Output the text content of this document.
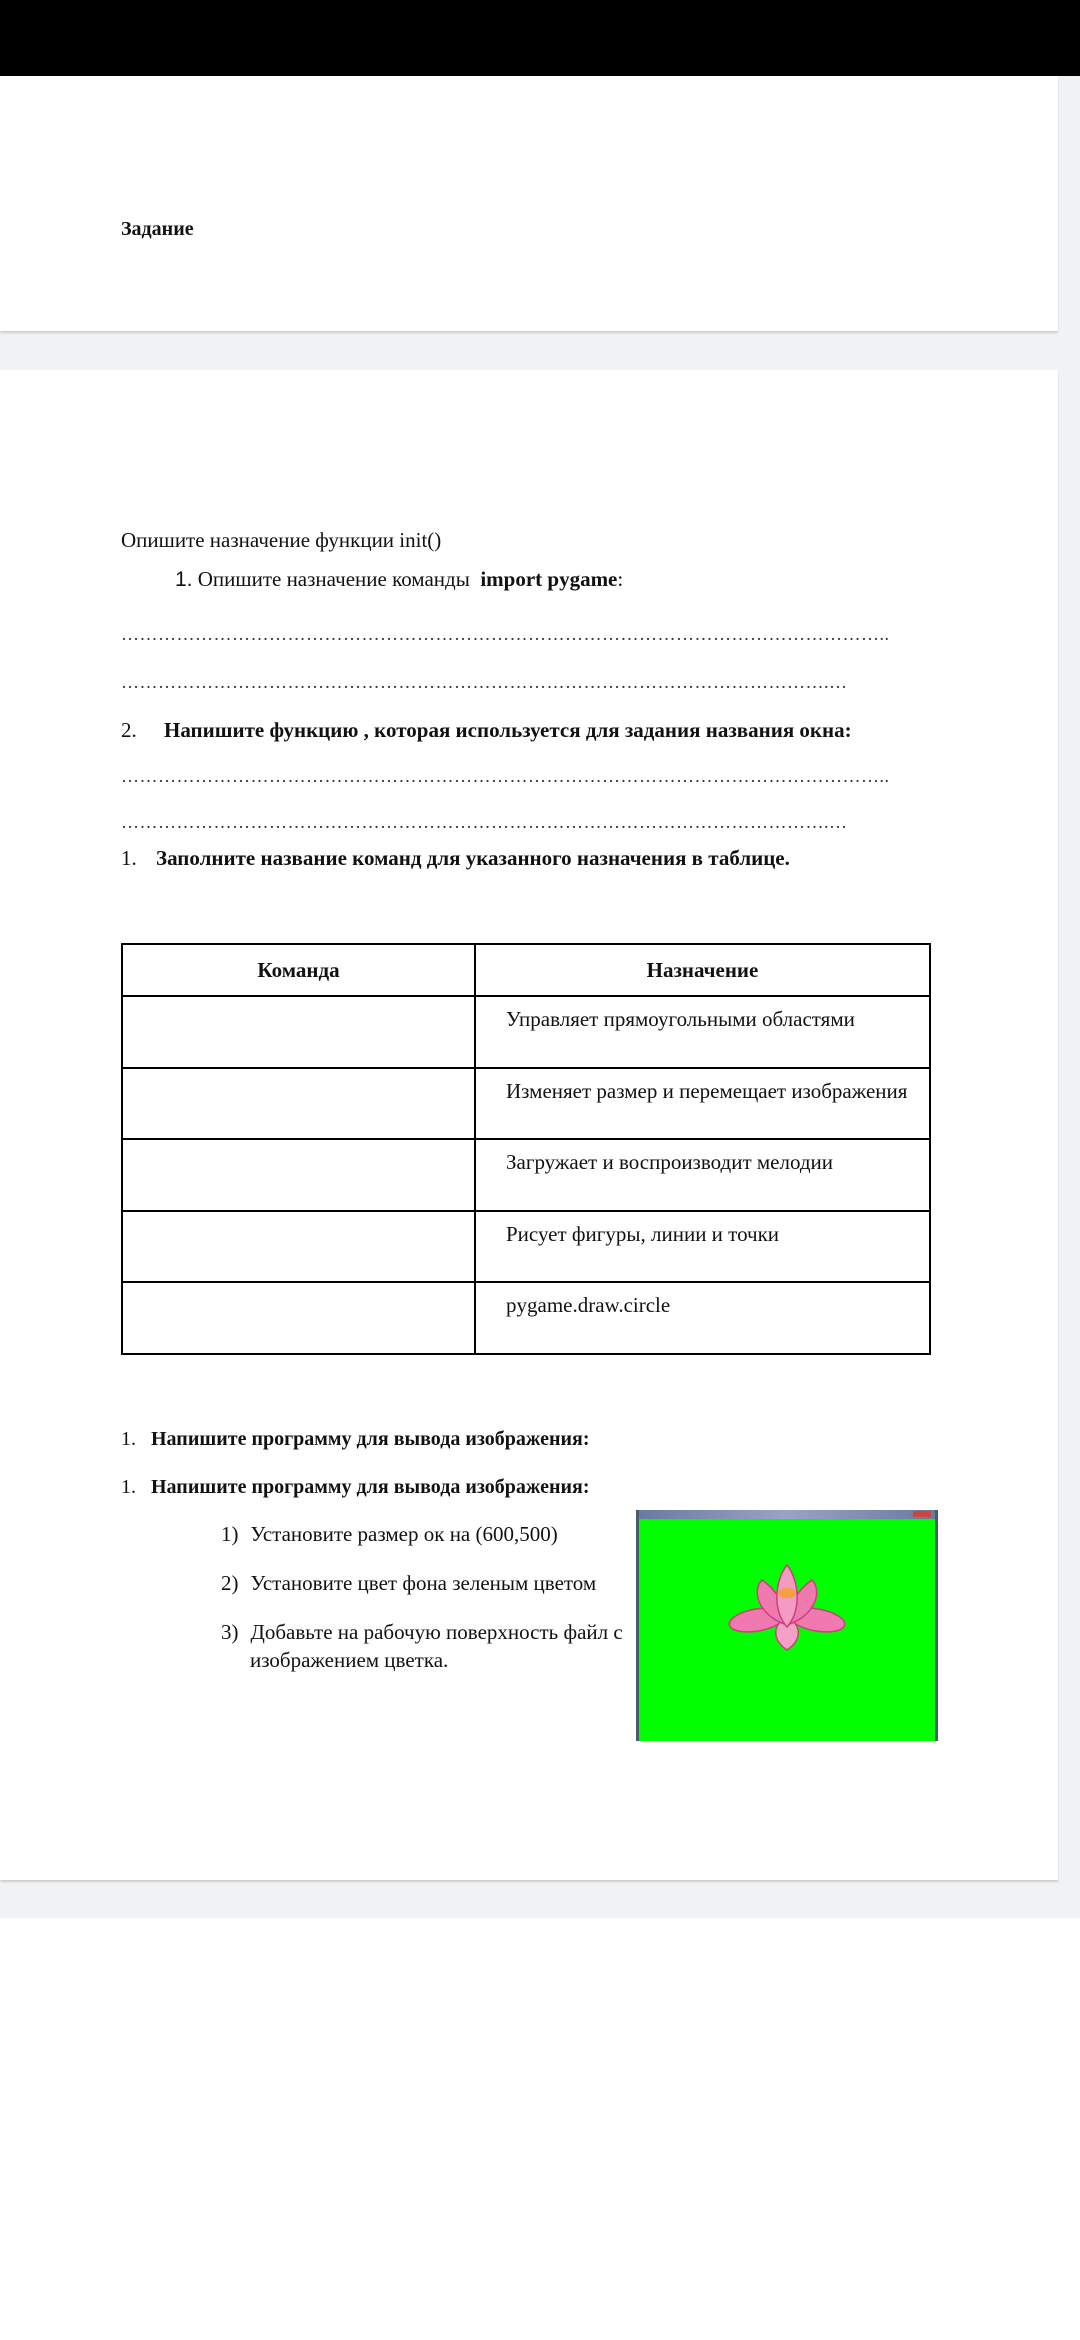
Задание
Опишите назначение функции init()
1. Опишите назначение команды import pygame:
……………………………………………………………………………………………………………..
…………………………………………………………………………………………………….…
2. Напишите функцию , которая используется для задания названия окна:
……………………………………………………………………………………………………………..
…………………………………………………………………………………………………….…
1. Заполните название команд для указанного назначения в таблице.
Команда	Назначение
	Управляет прямоугольными областями
	Изменяет размер и перемещает изображения
	Загружает и воспроизводит мелодии
	Рисует фигуры, линии и точки
	pygame.draw.circle
1. Напишите программу для вывода изображения:
1. Напишите программу для вывода изображения:
1) Установите размер ок на (600,500)
2) Установите цвет фона зеленым цветом
3) Добавьте на рабочую поверхность файл с
изображением цветка.
